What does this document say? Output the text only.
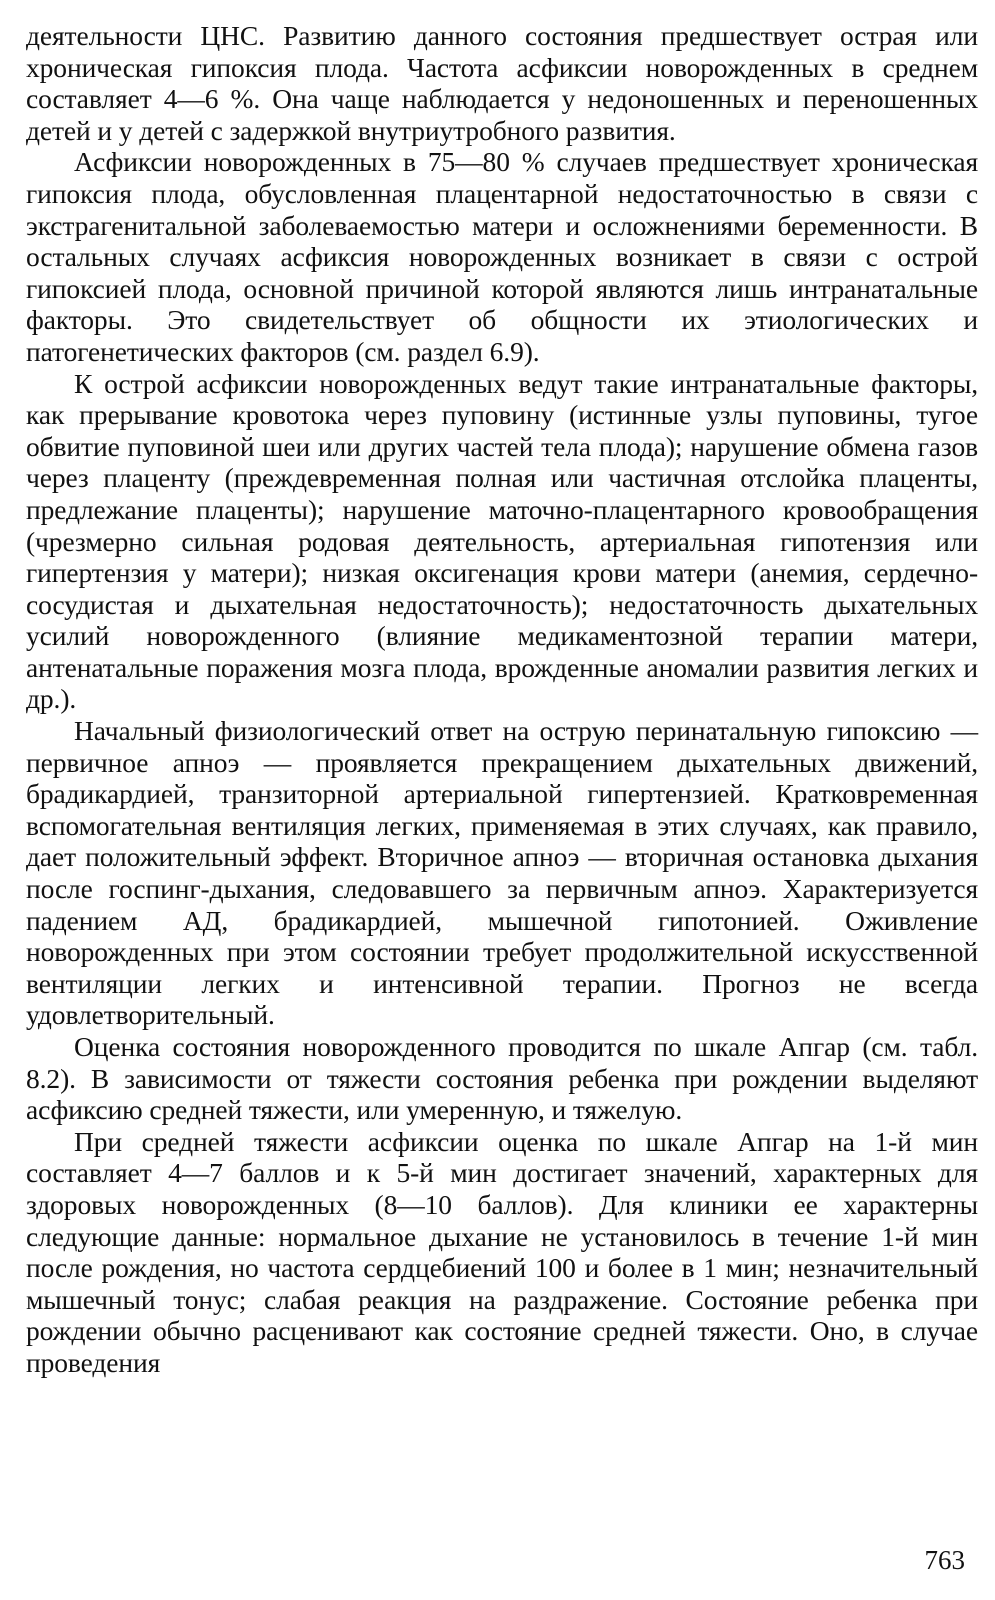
деятельности ЦНС. Развитию данного состояния предшествует острая или хроническая гипоксия плода. Частота асфиксии новорожденных в среднем составляет 4—6 %. Она чаще наблюдается у недоношенных и переношенных детей и у детей с задержкой внутриутробного развития.

Асфиксии новорожденных в 75—80 % случаев предшествует хроническая гипоксия плода, обусловленная плацентарной недостаточностью в связи с экстрагенитальной заболеваемостью матери и осложнениями беременности. В остальных случаях асфиксия новорожденных возникает в связи с острой гипоксией плода, основной причиной которой являются лишь интранатальные факторы. Это свидетельствует об общности их этиологических и патогенетических факторов (см. раздел 6.9).

К острой асфиксии новорожденных ведут такие интранатальные факторы, как прерывание кровотока через пуповину (истинные узлы пуповины, тугое обвитие пуповиной шеи или других частей тела плода); нарушение обмена газов через плаценту (преждевременная полная или частичная отслойка плаценты, предлежание плаценты); нарушение маточно-плацентарного кровообращения (чрезмерно сильная родовая деятельность, артериальная гипотензия или гипертензия у матери); низкая оксигенация крови матери (анемия, сердечно-сосудистая и дыхательная недостаточность); недостаточность дыхательных усилий новорожденного (влияние медикаментозной терапии матери, антенатальные поражения мозга плода, врожденные аномалии развития легких и др.).

Начальный физиологический ответ на острую перинатальную гипоксию — первичное апноэ — проявляется прекращением дыхательных движений, брадикардией, транзиторной артериальной гипертензией. Кратковременная вспомогательная вентиляция легких, применяемая в этих случаях, как правило, дает положительный эффект. Вторичное апноэ — вторичная остановка дыхания после госпинг-дыхания, следовавшего за первичным апноэ. Характеризуется падением АД, брадикардией, мышечной гипотонией. Оживление новорожденных при этом состоянии требует продолжительной искусственной вентиляции легких и интенсивной терапии. Прогноз не всегда удовлетворительный.

Оценка состояния новорожденного проводится по шкале Апгар (см. табл. 8.2). В зависимости от тяжести состояния ребенка при рождении выделяют асфиксию средней тяжести, или умеренную, и тяжелую.

При средней тяжести асфиксии оценка по шкале Апгар на 1-й мин составляет 4—7 баллов и к 5-й мин достигает значений, характерных для здоровых новорожденных (8—10 баллов). Для клиники ее характерны следующие данные: нормальное дыхание не установилось в течение 1-й мин после рождения, но частота сердцебиений 100 и более в 1 мин; незначительный мышечный тонус; слабая реакция на раздражение. Состояние ребенка при рождении обычно расценивают как состояние средней тяжести. Оно, в случае проведения

763
